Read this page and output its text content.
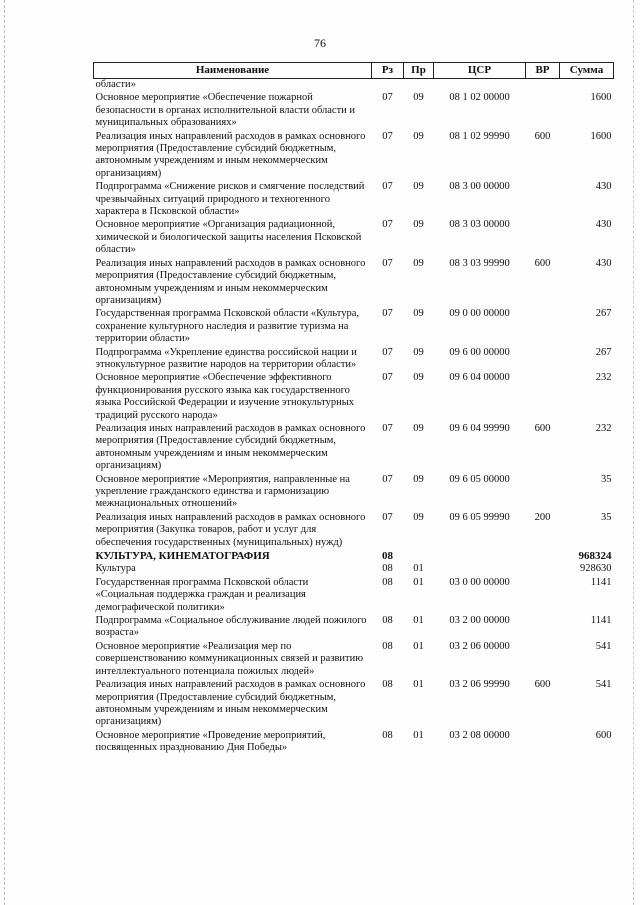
76
Наименование	Рз	Пр	ЦСР	ВР	Сумма
области»					
Основное мероприятие «Обеспечение пожарной безопасности в органах исполнительной власти области и муниципальных образованиях»	07	09	08 1 02 00000		1600
Реализация иных направлений расходов в рамках основного мероприятия (Предоставление субсидий бюджетным, автономным учреждениям и иным некоммерческим организациям)	07	09	08 1 02 99990	600	1600
Подпрограмма «Снижение рисков и смягчение последствий чрезвычайных ситуаций природного и техногенного характера в Псковской области»	07	09	08 3 00 00000		430
Основное мероприятие «Организация радиационной, химической и биологической защиты населения Псковской области»	07	09	08 3 03 00000		430
Реализация иных направлений расходов в рамках основного мероприятия (Предоставление субсидий бюджетным, автономным учреждениям и иным некоммерческим организациям)	07	09	08 3 03 99990	600	430
Государственная программа Псковской области «Культура, сохранение культурного наследия и развитие туризма на территории области»	07	09	09 0 00 00000		267
Подпрограмма «Укрепление единства российской нации и этнокультурное развитие народов на территории области»	07	09	09 6 00 00000		267
Основное мероприятие «Обеспечение эффективного функционирования русского языка как государственного языка Российской Федерации и изучение этнокультурных традиций русского народа»	07	09	09 6 04 00000		232
Реализация иных направлений расходов в рамках основного мероприятия (Предоставление субсидий бюджетным, автономным учреждениям и иным некоммерческим организациям)	07	09	09 6 04 99990	600	232
Основное мероприятие «Мероприятия, направленные на укрепление гражданского единства и гармонизацию межнациональных отношений»	07	09	09 6 05 00000		35
Реализация иных направлений расходов в рамках основного мероприятия (Закупка товаров, работ и услуг для обеспечения государственных (муниципальных) нужд)	07	09	09 6 05 99990	200	35
КУЛЬТУРА, КИНЕМАТОГРАФИЯ	08				968324
Культура	08	01			928630
Государственная программа Псковской области «Социальная поддержка граждан и реализация демографической политики»	08	01	03 0 00 00000		1141
Подпрограмма «Социальное обслуживание людей пожилого возраста»	08	01	03 2 00 00000		1141
Основное мероприятие «Реализация мер по совершенствованию коммуникационных связей и развитию интеллектуального потенциала пожилых людей»	08	01	03 2 06 00000		541
Реализация иных направлений расходов в рамках основного мероприятия (Предоставление субсидий бюджетным, автономным учреждениям и иным некоммерческим организациям)	08	01	03 2 06 99990	600	541
Основное мероприятие «Проведение мероприятий, посвященных празднованию Дня Победы»	08	01	03 2 08 00000		600
